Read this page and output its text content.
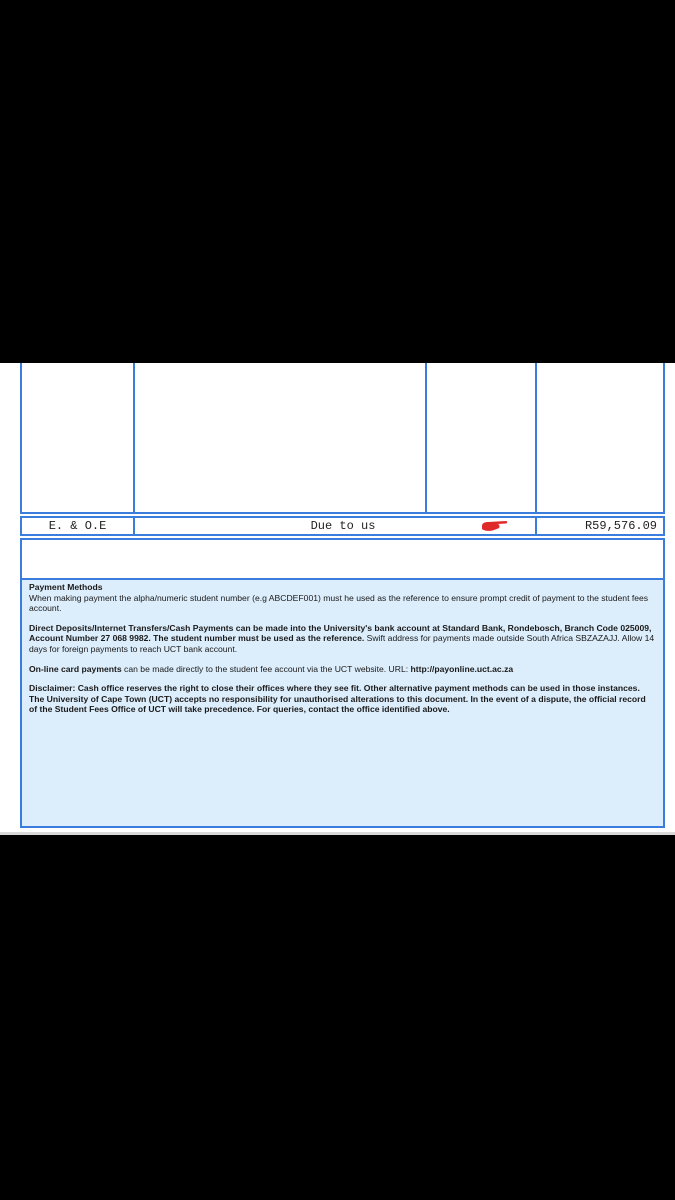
E. & O.E	Due to us	R59,576.09

Payment Methods
When making payment the alpha/numeric student number (e.g ABCDEF001) must he used as the reference to ensure prompt credit of payment to the student fees account.

Direct Deposits/Internet Transfers/Cash Payments can be made into the University's bank account at Standard Bank, Rondebosch, Branch Code 025009, Account Number 27 068 9982. The student number must be used as the reference. Swift address for payments made outside South Africa SBZAZAJJ. Allow 14 days for foreign payments to reach UCT bank account.

On-line card payments can be made directly to the student fee account via the UCT website. URL: http://payonline.uct.ac.za

Disclaimer: Cash office reserves the right to close their offices where they see fit. Other alternative payment methods can be used in those instances. The University of Cape Town (UCT) accepts no responsibility for unauthorised alterations to this document. In the event of a dispute, the official record of the Student Fees Office of UCT will take precedence. For queries, contact the office identified above.
